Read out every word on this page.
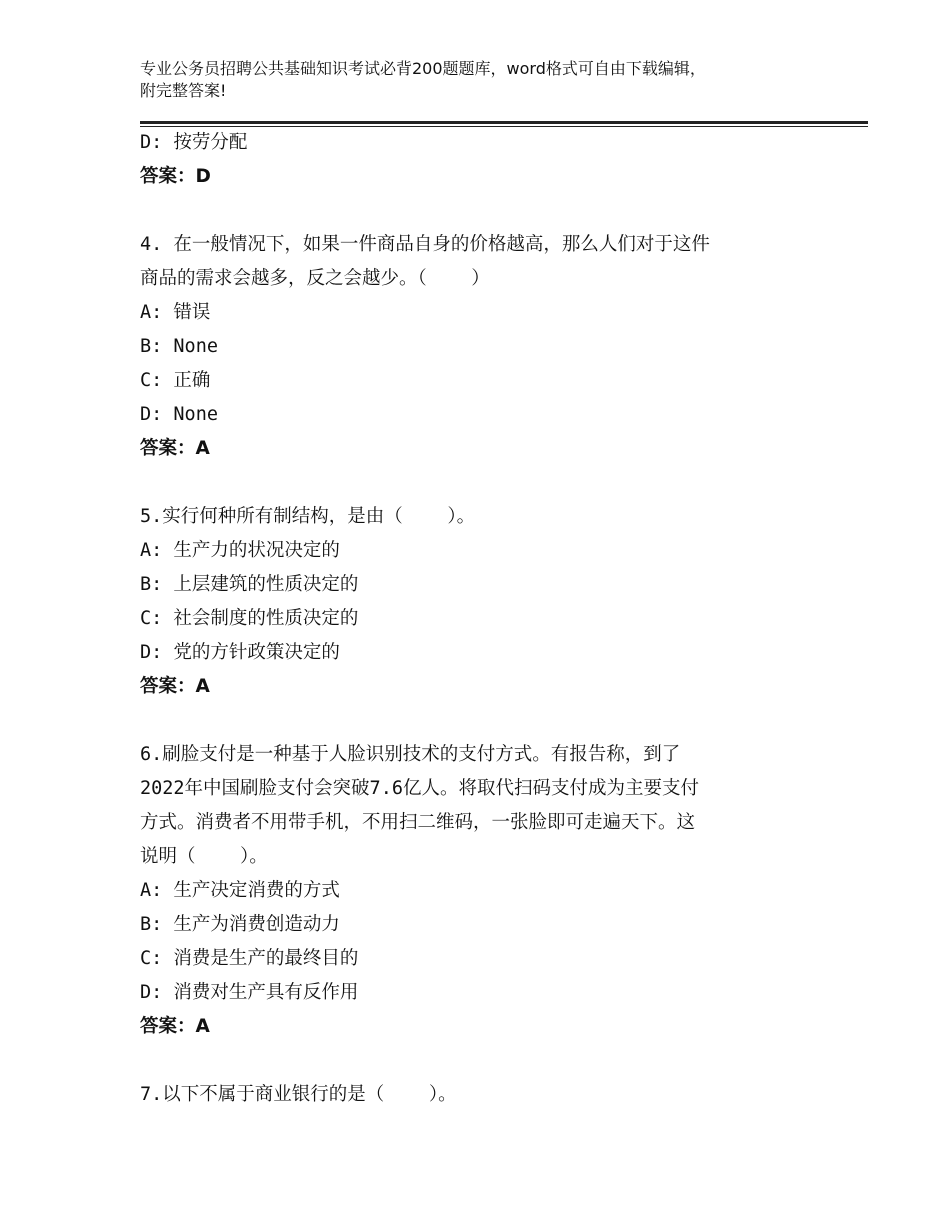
专业公务员招聘公共基础知识考试必背200题题库，word格式可自由下载编辑，
附完整答案!
D: 按劳分配
答案：D
4. 在一般情况下，如果一件商品自身的价格越高，那么人们对于这件
商品的需求会越多，反之会越少。（    ）
A: 错误
B: None
C: 正确
D: None
答案：A
5.实行何种所有制结构，是由（    ）。
A: 生产力的状况决定的
B: 上层建筑的性质决定的
C: 社会制度的性质决定的
D: 党的方针政策决定的
答案：A
6.刷脸支付是一种基于人脸识别技术的支付方式。有报告称，到了
2022年中国刷脸支付会突破7.6亿人。将取代扫码支付成为主要支付
方式。消费者不用带手机，不用扫二维码，一张脸即可走遍天下。这
说明（    ）。
A: 生产决定消费的方式
B: 生产为消费创造动力
C: 消费是生产的最终目的
D: 消费对生产具有反作用
答案：A
7.以下不属于商业银行的是（    ）。
